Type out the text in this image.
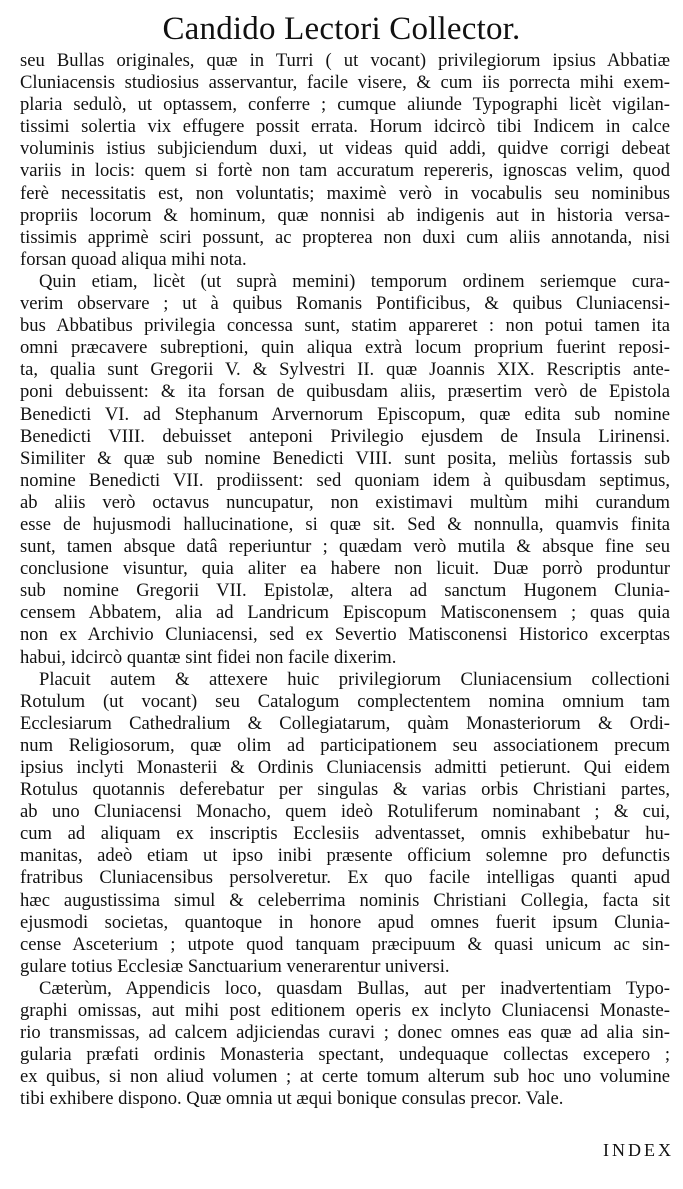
Candido Lectori Collector.
seu Bullas originales, quæ in Turri ( ut vocant) privilegiorum ipsius Abbatiæ
Cluniacensis studiosius asservantur, facile visere, & cum iis porrecta mihi exem-
plaria sedulò, ut optassem, conferre ; cumque aliunde Typographi licèt vigilan-
tissimi solertia vix effugere possit errata. Horum idcircò tibi Indicem in calce
voluminis istius subjiciendum duxi, ut videas quid addi, quidve corrigi debeat
variis in locis: quem si fortè non tam accuratum repereris, ignoscas velim, quod
ferè necessitatis est, non voluntatis; maximè verò in vocabulis seu nominibus
propriis locorum & hominum, quæ nonnisi ab indigenis aut in historia versa-
tissimis apprimè sciri possunt, ac propterea non duxi cum aliis annotanda, nisi
forsan quoad aliqua mihi nota.
Quin etiam, licèt (ut suprà memini) temporum ordinem seriemque cura-
verim observare ; ut à quibus Romanis Pontificibus, & quibus Cluniacensi-
bus Abbatibus privilegia concessa sunt, statim appareret : non potui tamen ita
omni præcavere subreptioni, quin aliqua extrà locum proprium fuerint reposi-
ta, qualia sunt Gregorii V. & Sylvestri II. quæ Joannis XIX. Rescriptis ante-
poni debuissent: & ita forsan de quibusdam aliis, præsertim verò de Epistola
Benedicti VI. ad Stephanum Arvernorum Episcopum, quæ edita sub nomine
Benedicti VIII. debuisset anteponi Privilegio ejusdem de Insula Lirinensi.
Similiter & quæ sub nomine Benedicti VIII. sunt posita, meliùs fortassis sub
nomine Benedicti VII. prodiissent: sed quoniam idem à quibusdam septimus,
ab aliis verò octavus nuncupatur, non existimavi multùm mihi curandum
esse de hujusmodi hallucinatione, si quæ sit. Sed & nonnulla, quamvis finita
sunt, tamen absque datâ reperiuntur ; quædam verò mutila & absque fine seu
conclusione visuntur, quia aliter ea habere non licuit. Duæ porrò produntur
sub nomine Gregorii VII. Epistolæ, altera ad sanctum Hugonem Clunia-
censem Abbatem, alia ad Landricum Episcopum Matisconensem ; quas quia
non ex Archivio Cluniacensi, sed ex Severtio Matisconensi Historico excerptas
habui, idcircò quantæ sint fidei non facile dixerim.
Placuit autem & attexere huic privilegiorum Cluniacensium collectioni
Rotulum (ut vocant) seu Catalogum complectentem nomina omnium tam
Ecclesiarum Cathedralium & Collegiatarum, quàm Monasteriorum & Ordi-
num Religiosorum, quæ olim ad participationem seu associationem precum
ipsius inclyti Monasterii & Ordinis Cluniacensis admitti petierunt. Qui eidem
Rotulus quotannis deferebatur per singulas & varias orbis Christiani partes,
ab uno Cluniacensi Monacho, quem ideò Rotuliferum nominabant ; & cui,
cum ad aliquam ex inscriptis Ecclesiis adventasset, omnis exhibebatur hu-
manitas, adeò etiam ut ipso inibi præsente officium solemne pro defunctis
fratribus Cluniacensibus persolveretur. Ex quo facile intelligas quanti apud
hæc augustissima simul & celeberrima nominis Christiani Collegia, facta sit
ejusmodi societas, quantoque in honore apud omnes fuerit ipsum Clunia-
cense Asceterium ; utpote quod tanquam præcipuum & quasi unicum ac sin-
gulare totius Ecclesiæ Sanctuarium venerarentur universi.
Cæterùm, Appendicis loco, quasdam Bullas, aut per inadvertentiam Typo-
graphi omissas, aut mihi post editionem operis ex inclyto Cluniacensi Monaste-
rio transmissas, ad calcem adjiciendas curavi ; donec omnes eas quæ ad alia sin-
gularia præfati ordinis Monasteria spectant, undequaque collectas excepero ;
ex quibus, si non aliud volumen ; at certe tomum alterum sub hoc uno volumine
tibi exhibere dispono. Quæ omnia ut æqui bonique consulas precor. Vale.
INDEX
